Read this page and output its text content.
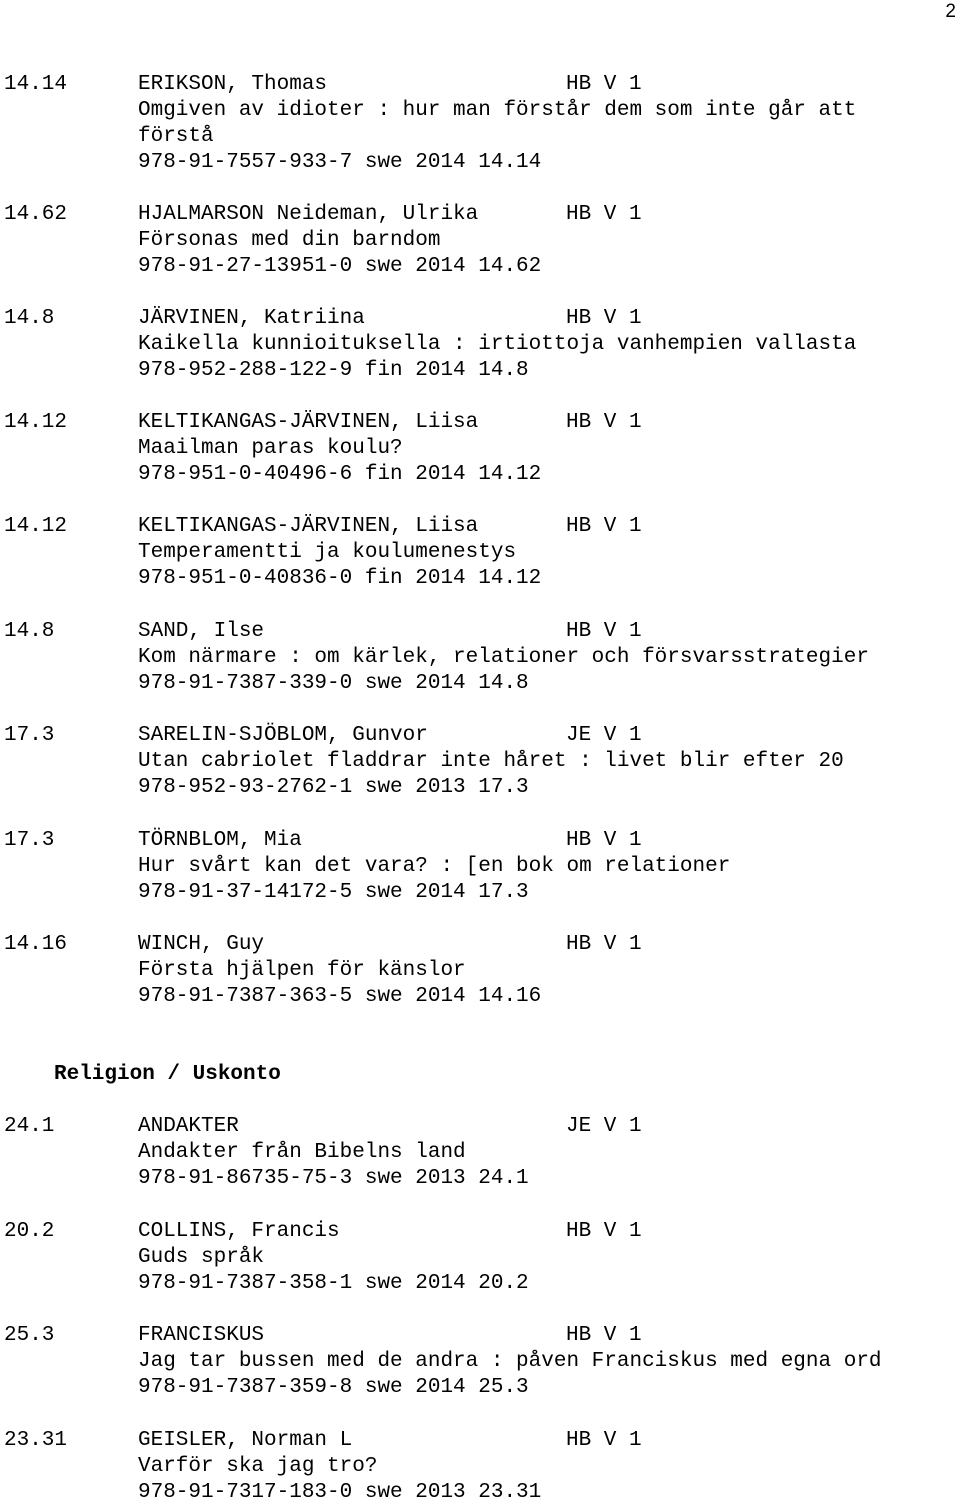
2
14.14	ERIKSON, Thomas	HB V 1
Omgiven av idioter : hur man förstår dem som inte går att
förstå
978-91-7557-933-7 swe 2014 14.14
14.62	HJALMARSON Neideman, Ulrika	HB V 1
Försonas med din barndom
978-91-27-13951-0 swe 2014 14.62
14.8	JÄRVINEN, Katriina	HB V 1
Kaikella kunnioituksella : irtiottoja vanhempien vallasta
978-952-288-122-9 fin 2014 14.8
14.12	KELTIKANGAS-JÄRVINEN, Liisa	HB V 1
Maailman paras koulu?
978-951-0-40496-6 fin 2014 14.12
14.12	KELTIKANGAS-JÄRVINEN, Liisa	HB V 1
Temperamentti ja koulumenestys
978-951-0-40836-0 fin 2014 14.12
14.8	SAND, Ilse	HB V 1
Kom närmare : om kärlek, relationer och försvarsstrategier
978-91-7387-339-0 swe 2014 14.8
17.3	SARELIN-SJÖBLOM, Gunvor	JE V 1
Utan cabriolet fladdrar inte håret : livet blir efter 20
978-952-93-2762-1 swe 2013 17.3
17.3	TÖRNBLOM, Mia	HB V 1
Hur svårt kan det vara? : [en bok om relationer
978-91-37-14172-5 swe 2014 17.3
14.16	WINCH, Guy	HB V 1
Första hjälpen för känslor
978-91-7387-363-5 swe 2014 14.16
Religion / Uskonto
24.1	ANDAKTER	JE V 1
Andakter från Bibelns land
978-91-86735-75-3 swe 2013 24.1
20.2	COLLINS, Francis	HB V 1
Guds språk
978-91-7387-358-1 swe 2014 20.2
25.3	FRANCISKUS	HB V 1
Jag tar bussen med de andra : påven Franciskus med egna ord
978-91-7387-359-8 swe 2014 25.3
23.31	GEISLER, Norman L	HB V 1
Varför ska jag tro?
978-91-7317-183-0 swe 2013 23.31
